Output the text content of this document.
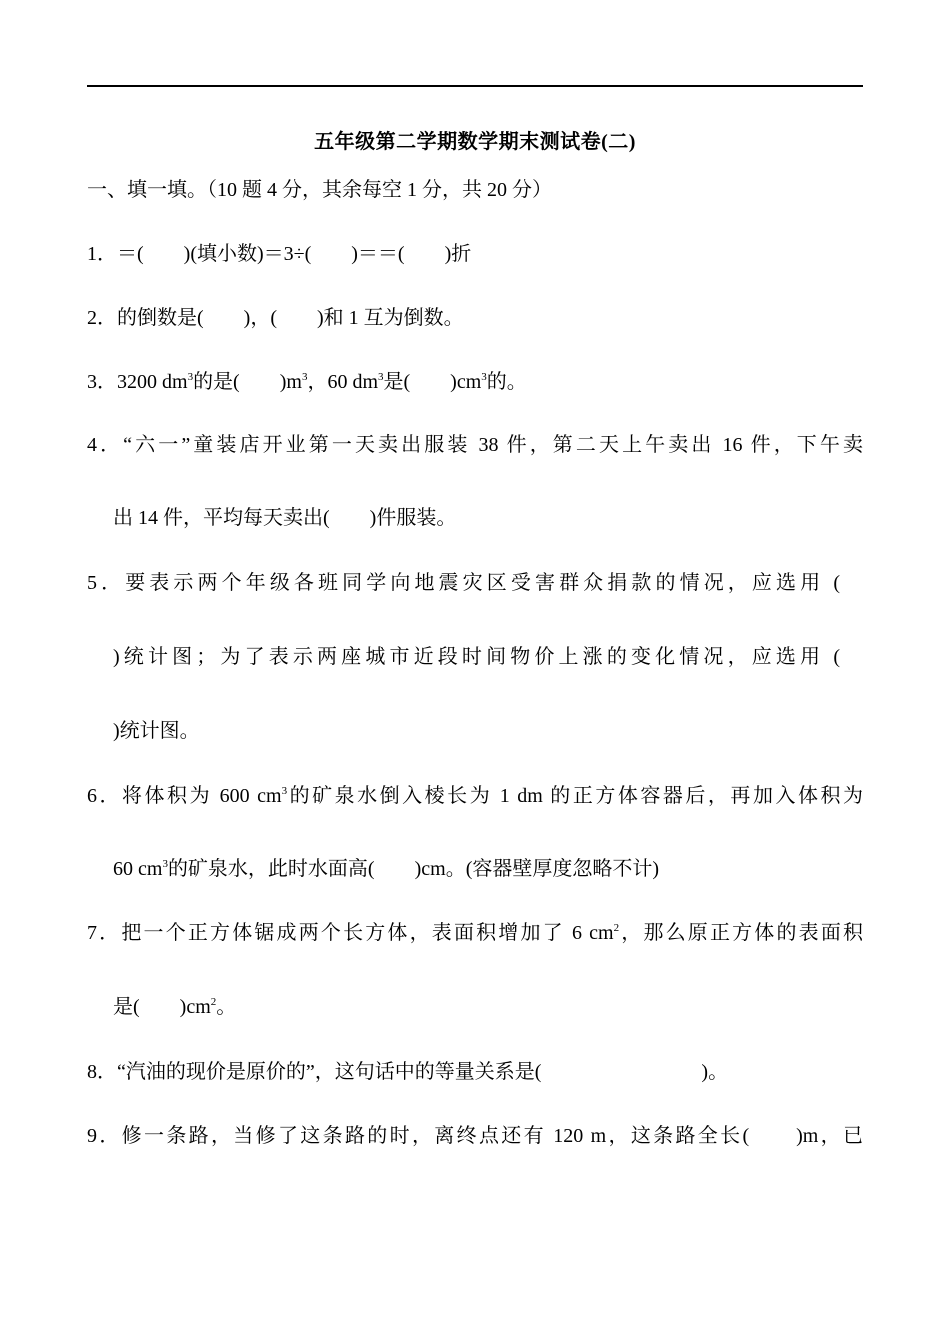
五年级第二学期数学期末测试卷(二)
一、填一填。（10 题 4 分，其余每空 1 分，共 20 分）
1．＝(　　)(填小数)＝3÷(　　)＝＝(　　)折
2．的倒数是(　　)，(　　)和 1 互为倒数。
3．3200 $dm^3$的是(　　)$m^3$，60 $dm^3$是(　　)$cm^3$的。
4．“六一”童装店开业第一天卖出服装 38 件，第二天上午卖出 16 件，下午卖
出 14 件，平均每天卖出(　　)件服装。
5．要表示两个年级各班同学向地震灾区受害群众捐款的情况，应选用 (
)统计图；为了表示两座城市近段时间物价上涨的变化情况，应选用 (
)统计图。
6．将体积为 600 $cm^3$的矿泉水倒入棱长为 1 dm 的正方体容器后，再加入体积为
60 $cm^3$的矿泉水，此时水面高(　　)cm。(容器壁厚度忽略不计)
7．把一个正方体锯成两个长方体，表面积增加了 6 $cm^2$，那么原正方体的表面积
是(　　)$cm^2$。
8．“汽油的现价是原价的”，这句话中的等量关系是(　　　　　　　　)。
9．修一条路，当修了这条路的时，离终点还有 120 m，这条路全长(　　)m，已
